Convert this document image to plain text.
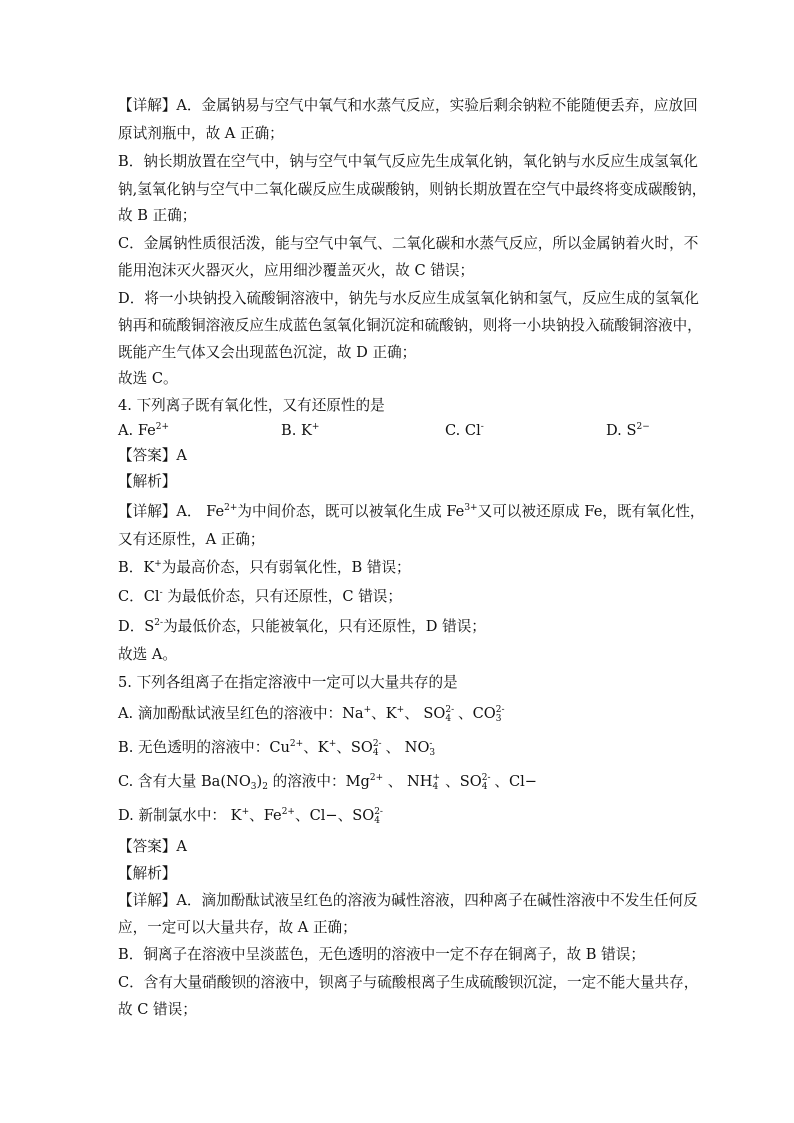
【详解】A．金属钠易与空气中氧气和水蒸气反应，实验后剩余钠粒不能随便丢弃，应放回
原试剂瓶中，故 A 正确；
B．钠长期放置在空气中，钠与空气中氧气反应先生成氧化钠，氧化钠与水反应生成氢氧化
钠,氢氧化钠与空气中二氧化碳反应生成碳酸钠，则钠长期放置在空气中最终将变成碳酸钠，
故 B 正确；
C．金属钠性质很活泼，能与空气中氧气、二氧化碳和水蒸气反应，所以金属钠着火时，不
能用泡沫灭火器灭火，应用细沙覆盖灭火，故 C 错误；
D．将一小块钠投入硫酸铜溶液中，钠先与水反应生成氢氧化钠和氢气，反应生成的氢氧化
钠再和硫酸铜溶液反应生成蓝色氢氧化铜沉淀和硫酸钠，则将一小块钠投入硫酸铜溶液中，
既能产生气体又会出现蓝色沉淀，故 D 正确；
故选 C。
4. 下列离子既有氧化性，又有还原性的是
A. $Fe^{2+}$	B. K+	C. Cl-	D. $S^{2-}$
【答案】A
【解析】
【详解】A． $Fe^{2+}$为中间价态，既可以被氧化生成 $Fe^{3+}$又可以被还原成 Fe，既有氧化性，
又有还原性，A 正确；
B．K+为最高价态，只有弱氧化性，B 错误；
C．Cl- 为最低价态，只有还原性，C 错误；
D．$S^{2-}$为最低价态，只能被氧化，只有还原性，D 错误；
故选 A。
5. 下列各组离子在指定溶液中一定可以大量共存的是
A. 滴加酚酞试液呈红色的溶液中：Na+、K+、 SO 2-
4 、CO 2-
3
B. 无色透明的溶液中：$Cu^{2+}$、K+、SO 2-
4 、 NO -
3
C. 含有大量 $Ba(NO_3)_2$ 的溶液中：$Mg^{2+}$ 、 NH +
4 、SO 2-
4 、Cl−
D. 新制氯水中： K+、$Fe^{2+}$、Cl−、SO 2-
4
【答案】A
【解析】
【详解】A．滴加酚酞试液呈红色的溶液为碱性溶液，四种离子在碱性溶液中不发生任何反
应，一定可以大量共存，故 A 正确；
B．铜离子在溶液中呈淡蓝色，无色透明的溶液中一定不存在铜离子，故 B 错误；
C．含有大量硝酸钡的溶液中，钡离子与硫酸根离子生成硫酸钡沉淀，一定不能大量共存，
故 C 错误；
